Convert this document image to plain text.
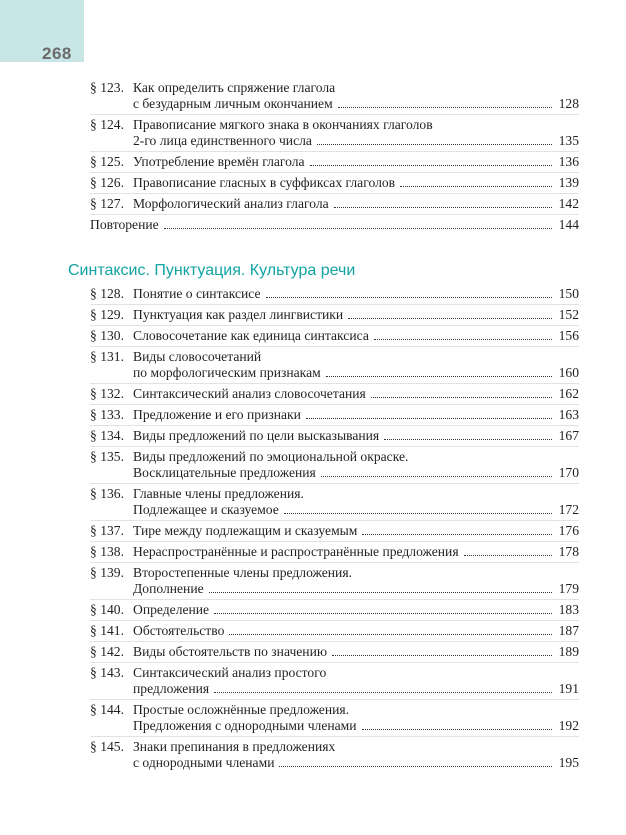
268
§ 123. Как определить спряжение глагола
с безударным личным окончанием	128
§ 124. Правописание мягкого знака в окончаниях глаголов
2-го лица единственного числа	135
§ 125. Употребление времён глагола	136
§ 126. Правописание гласных в суффиксах глаголов	139
§ 127. Морфологический анализ глагола	142
Повторение	144
Синтаксис. Пунктуация. Культура речи
§ 128. Понятие о синтаксисе	150
§ 129. Пунктуация как раздел лингвистики	152
§ 130. Словосочетание как единица синтаксиса	156
§ 131. Виды словосочетаний
по морфологическим признакам	160
§ 132. Синтаксический анализ словосочетания	162
§ 133. Предложение и его признаки	163
§ 134. Виды предложений по цели высказывания	167
§ 135. Виды предложений по эмоциональной окраске.
Восклицательные предложения	170
§ 136. Главные члены предложения.
Подлежащее и сказуемое	172
§ 137. Тире между подлежащим и сказуемым	176
§ 138. Нераспространённые и распространённые предложения	178
§ 139. Второстепенные члены предложения.
Дополнение	179
§ 140. Определение	183
§ 141. Обстоятельство	187
§ 142. Виды обстоятельств по значению	189
§ 143. Синтаксический анализ простого
предложения	191
§ 144. Простые осложнённые предложения.
Предложения с однородными членами	192
§ 145. Знаки препинания в предложениях
с однородными членами	195
